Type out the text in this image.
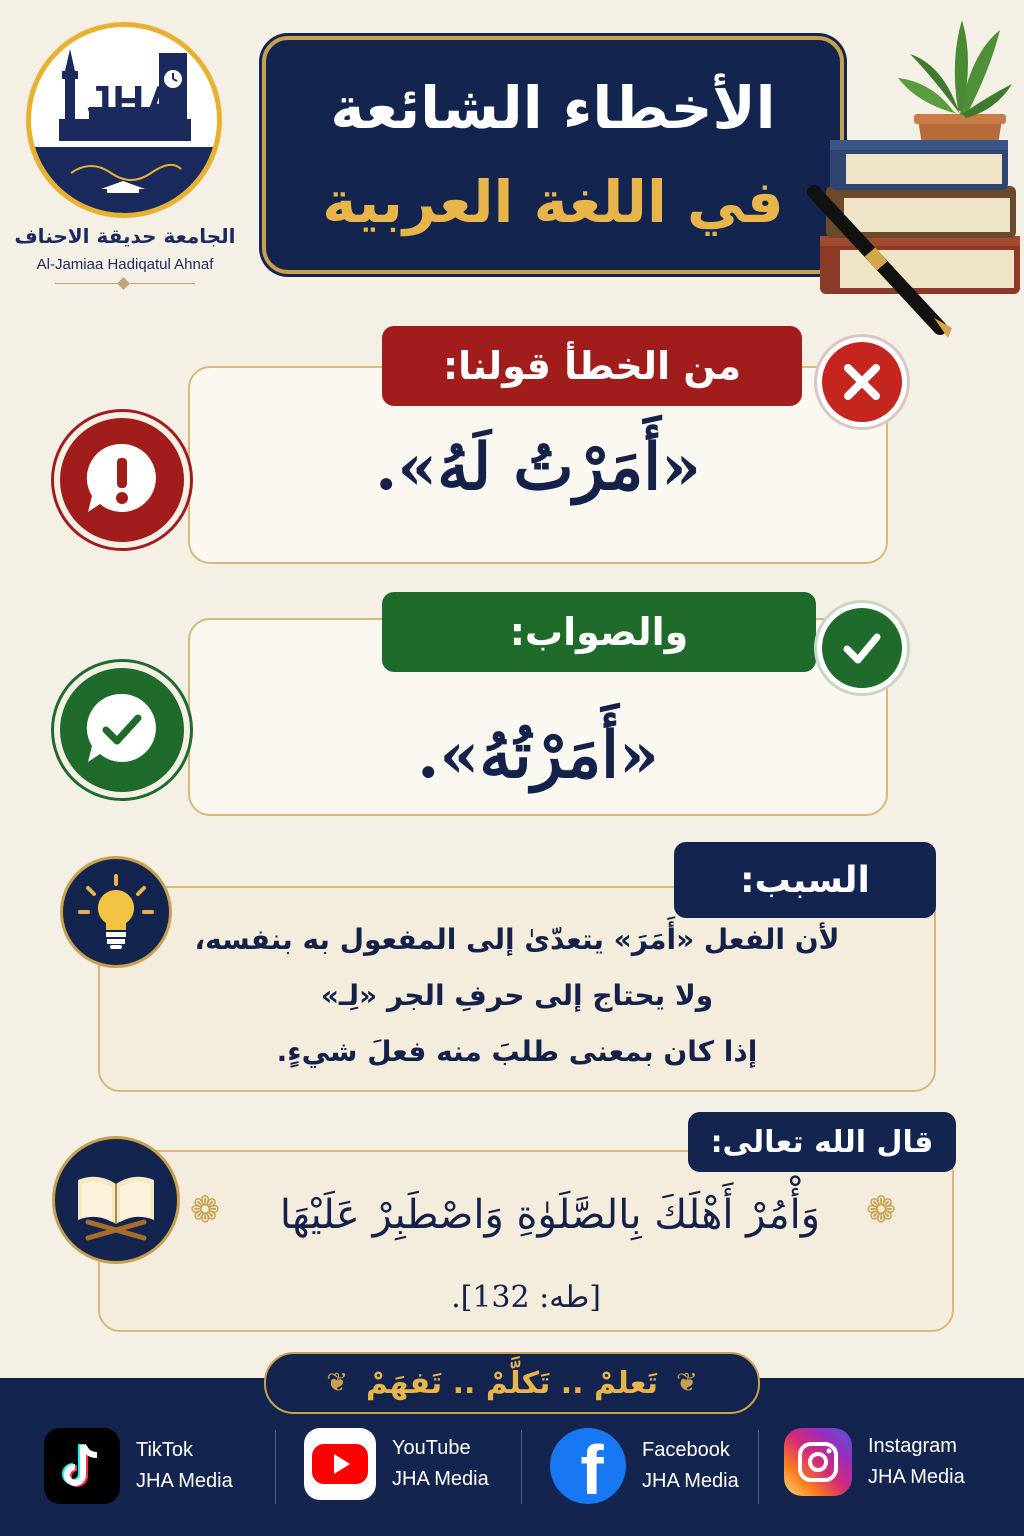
JHA
الجامعة حديقة الاحناف
Al-Jamiaa Hadiqatul Ahnaf
الأخطاء الشائعة
في اللغة العربية
«أَمَرْتُ لَهُ».
من الخطأ قولنا:
«أَمَرْتُهُ».
والصواب:
لأن الفعل «أَمَرَ» يتعدّىٰ إلى المفعول به بنفسه،
ولا يحتاج إلى حرفِ الجر «لِـ»
إذا كان بمعنى طلبَ منه فعلَ شيءٍ.
السبب:
وَأْمُرْ أَهْلَكَ بِالصَّلَوٰةِ وَاصْطَبِرْ عَلَيْهَا
❁	❁
[طه: 132].
قال الله تعالى:
❦ تَعلمْ .. تَكلَّمْ .. تَفهَمْ ❦
TikTok
JHA Media
YouTube
JHA Media f Facebook
JHA Media
Instagram
JHA Media
